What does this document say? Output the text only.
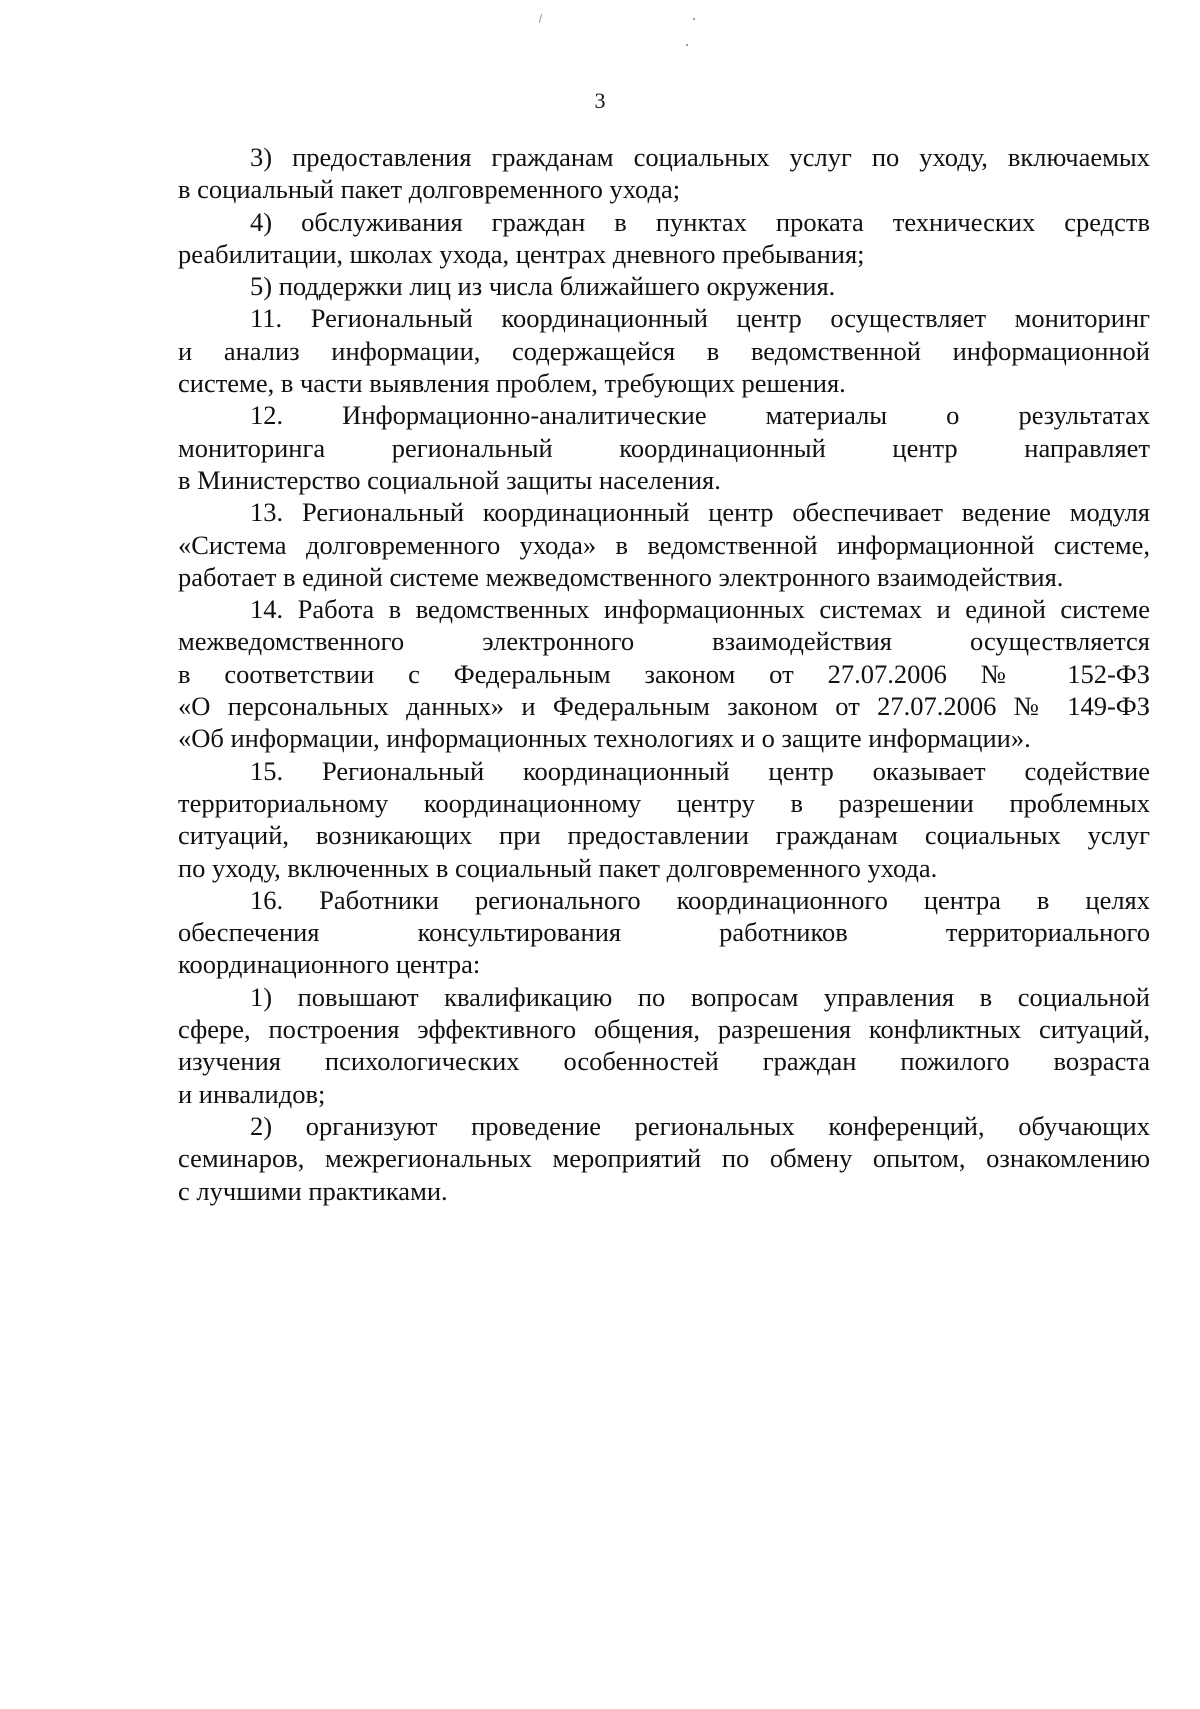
3
3) предоставления гражданам социальных услуг по уходу, включаемых
в социальный пакет долговременного ухода;
4) обслуживания граждан в пунктах проката технических средств
реабилитации, школах ухода, центрах дневного пребывания;
5) поддержки лиц из числа ближайшего окружения.
11. Региональный координационный центр осуществляет мониторинг
и анализ информации, содержащейся в ведомственной информационной
системе, в части выявления проблем, требующих решения.
12. Информационно-аналитические материалы о результатах
мониторинга региональный координационный центр направляет
в Министерство социальной защиты населения.
13. Региональный координационный центр обеспечивает ведение модуля
«Система долговременного ухода» в ведомственной информационной системе,
работает в единой системе межведомственного электронного взаимодействия.
14. Работа в ведомственных информационных системах и единой системе
межведомственного электронного взаимодействия осуществляется
в соответствии с Федеральным законом от 27.07.2006 № 152-ФЗ
«О персональных данных» и Федеральным законом от 27.07.2006 № 149-ФЗ
«Об информации, информационных технологиях и о защите информации».
15. Региональный координационный центр оказывает содействие
территориальному координационному центру в разрешении проблемных
ситуаций, возникающих при предоставлении гражданам социальных услуг
по уходу, включенных в социальный пакет долговременного ухода.
16. Работники регионального координационного центра в целях
обеспечения консультирования работников территориального
координационного центра:
1) повышают квалификацию по вопросам управления в социальной
сфере, построения эффективного общения, разрешения конфликтных ситуаций,
изучения психологических особенностей граждан пожилого возраста
и инвалидов;
2) организуют проведение региональных конференций, обучающих
семинаров, межрегиональных мероприятий по обмену опытом, ознакомлению
с лучшими практиками.
